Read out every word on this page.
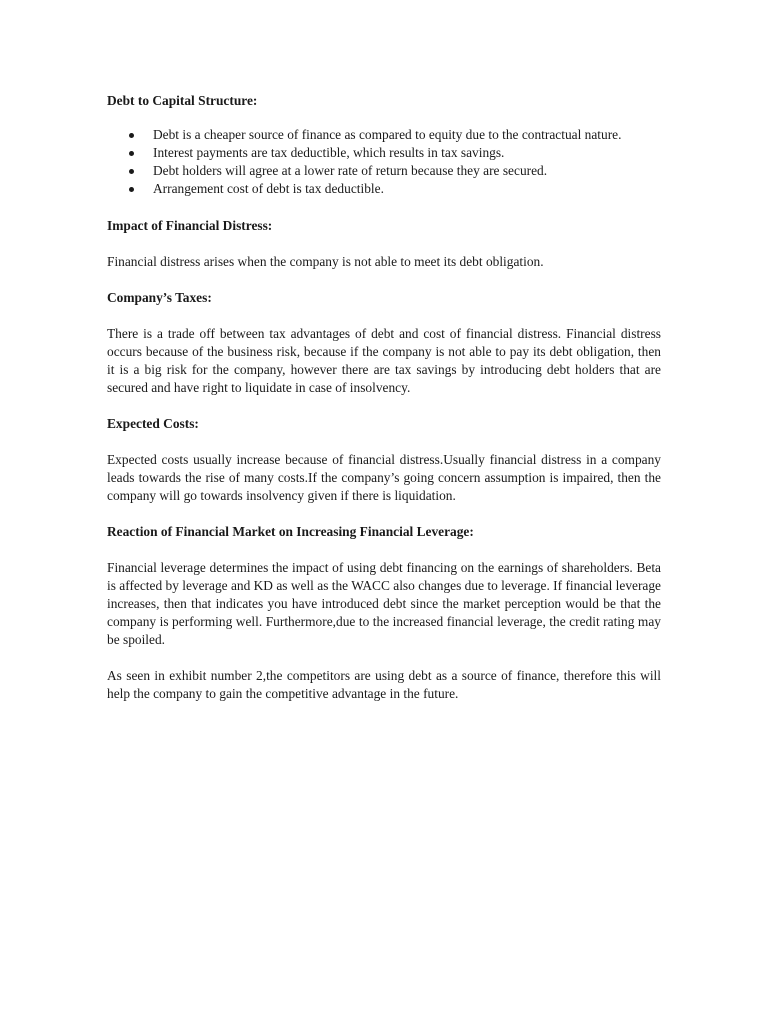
Debt to Capital Structure:
Debt is a cheaper source of finance as compared to equity due to the contractual nature.
Interest payments are tax deductible, which results in tax savings.
Debt holders will agree at a lower rate of return because they are secured.
Arrangement cost of debt is tax deductible.
Impact of Financial Distress:

Financial distress arises when the company is not able to meet its debt obligation.

Company’s Taxes:

There is a trade off between tax advantages of debt and cost of financial distress. Financial distress occurs because of the business risk, because if the company is not able to pay its debt obligation, then it is a big risk for the company, however there are tax savings by introducing debt holders that are secured and have right to liquidate in case of insolvency.

Expected Costs:

Expected costs usually increase because of financial distress.Usually financial distress in a company leads towards the rise of many costs.If the company’s going concern assumption is impaired, then the company will go towards insolvency given if there is liquidation.

Reaction of Financial Market on Increasing Financial Leverage:

Financial leverage determines the impact of using debt financing on the earnings of shareholders. Beta is affected by leverage and KD as well as the WACC also changes due to leverage. If financial leverage increases, then that indicates you have introduced debt since the market perception would be that the company is performing well. Furthermore,due to the increased financial leverage, the credit rating may be spoiled.

As seen in exhibit number 2,the competitors are using debt as a source of finance, therefore this will help the company to gain the competitive advantage in the future.
